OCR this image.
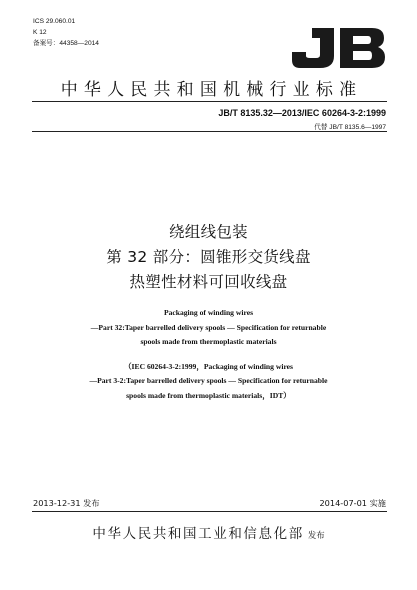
ICS 29.060.01
K 12
备案号：44358—2014
中华人民共和国机械行业标准
JB/T 8135.32—2013/IEC 60264-3-2:1999
代替 JB/T 8135.6—1997
绕组线包装
第 32 部分：圆锥形交货线盘
热塑性材料可回收线盘
Packaging of winding wires
—Part 32:Taper barrelled delivery spools — Specification for returnable
spools made from thermoplastic materials
（IEC 60264-3-2:1999，Packaging of winding wires
—Part 3-2:Taper barrelled delivery spools — Specification for returnable
spools made from thermoplastic materials，IDT）
2013-12-31 发布	2014-07-01 实施
中华人民共和国工业和信息化部 发布
